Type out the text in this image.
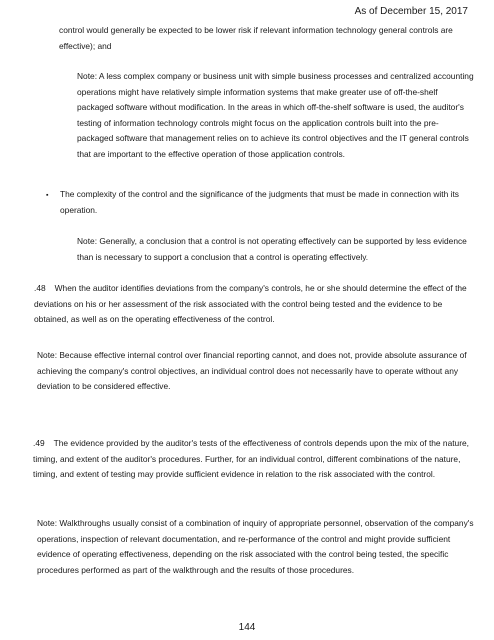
As of December 15, 2017

control would generally be expected to be lower risk if relevant information technology general controls are effective); and

Note: A less complex company or business unit with simple business processes and centralized accounting operations might have relatively simple information systems that make greater use of off-the-shelf packaged software without modification. In the areas in which off-the-shelf software is used, the auditor's testing of information technology controls might focus on the application controls built into the pre-packaged software that management relies on to achieve its control objectives and the IT general controls that are important to the effective operation of those application controls.

▪ The complexity of the control and the significance of the judgments that must be made in connection with its operation.

Note: Generally, a conclusion that a control is not operating effectively can be supported by less evidence than is necessary to support a conclusion that a control is operating effectively.

.48 When the auditor identifies deviations from the company's controls, he or she should determine the effect of the deviations on his or her assessment of the risk associated with the control being tested and the evidence to be obtained, as well as on the operating effectiveness of the control.

Note: Because effective internal control over financial reporting cannot, and does not, provide absolute assurance of achieving the company's control objectives, an individual control does not necessarily have to operate without any deviation to be considered effective.

.49 The evidence provided by the auditor's tests of the effectiveness of controls depends upon the mix of the nature, timing, and extent of the auditor's procedures. Further, for an individual control, different combinations of the nature, timing, and extent of testing may provide sufficient evidence in relation to the risk associated with the control.

Note: Walkthroughs usually consist of a combination of inquiry of appropriate personnel, observation of the company's operations, inspection of relevant documentation, and re-performance of the control and might provide sufficient evidence of operating effectiveness, depending on the risk associated with the control being tested, the specific procedures performed as part of the walkthrough and the results of those procedures.

144
